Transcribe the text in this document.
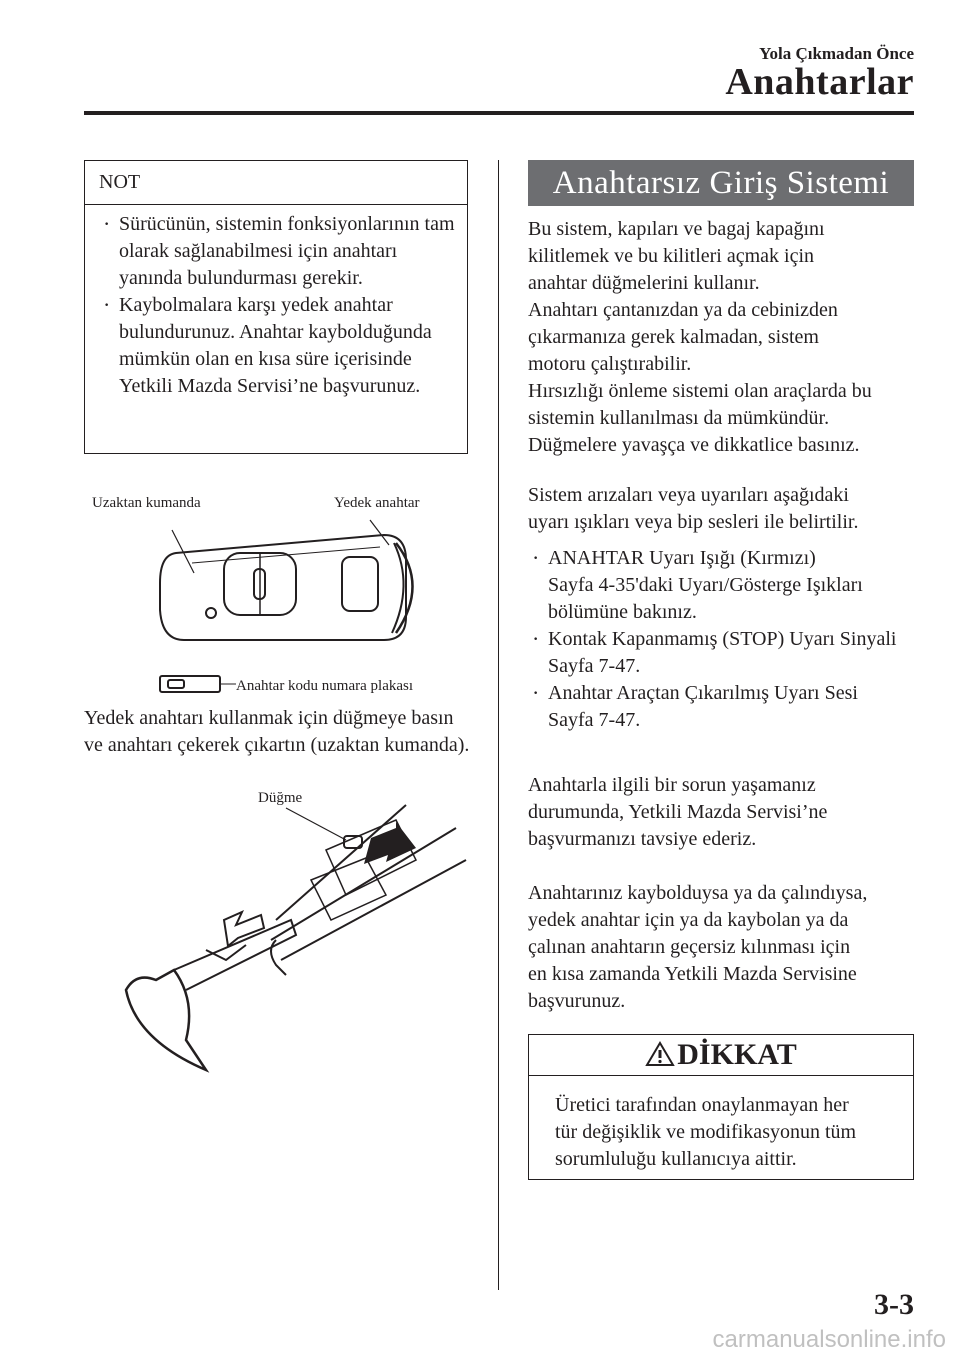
Yola Çıkmadan Önce
Anahtarlar
NOT
· Sürücünün, sistemin fonksiyonlarının tam olarak sağlanabilmesi için anahtarı yanında bulundurması gerekir.
· Kaybolmalara karşı yedek anahtar bulundurunuz. Anahtar kaybolduğunda mümkün olan en kısa süre içerisinde Yetkili Mazda Servisi’ne başvurunuz.
Uzaktan kumanda	Yedek anahtar
Anahtar kodu numara plakası
Yedek anahtarı kullanmak için düğmeye basın ve anahtarı çekerek çıkartın (uzaktan kumanda).
Düğme
Anahtarsız Giriş Sistemi

Bu sistem, kapıları ve bagaj kapağını

kilitlemek ve bu kilitleri açmak için

anahtar düğmelerini kullanır.

Anahtarı çantanızdan ya da cebinizden

çıkarmanıza gerek kalmadan, sistem

motoru çalıştırabilir.

Hırsızlığı önleme sistemi olan araçlarda bu

sistemin kullanılması da mümkündür.

Düğmelere yavaşça ve dikkatlice basınız.

Sistem arızaları veya uyarıları aşağıdaki

uyarı ışıkları veya bip sesleri ile belirtilir.

· ANAHTAR Uyarı Işığı (Kırmızı)
Sayfa 4-35'daki Uyarı/Gösterge Işıkları bölümüne bakınız.
· Kontak Kapanmamış (STOP) Uyarı Sinyali
Sayfa 7-47.
· Anahtar Araçtan Çıkarılmış Uyarı Sesi
Sayfa 7-47.

Anahtarla ilgili bir sorun yaşamanız

durumunda, Yetkili Mazda Servisi’ne

başvurmanızı tavsiye ederiz.

Anahtarınız kaybolduysa ya da çalındıysa,

yedek anahtar için ya da kaybolan ya da

çalınan anahtarın geçersiz kılınması için

en kısa zamanda Yetkili Mazda Servisine

başvurunuz.

DİKKAT
Üretici tarafından onaylanmayan her
tür değişiklik ve modifikasyonun tüm
sorumluluğu kullanıcıya aittir.
3-3
carmanualsonline.info
